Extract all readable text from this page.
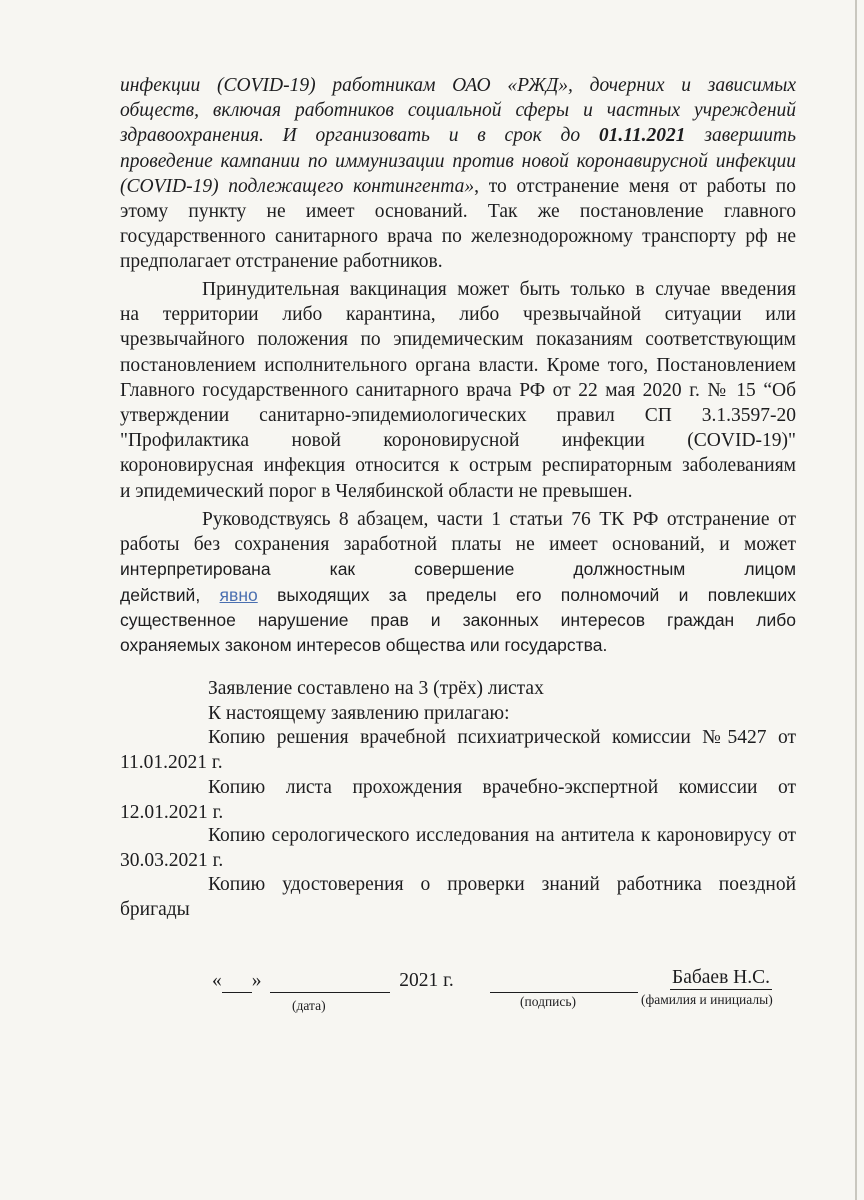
инфекции (COVID-19) работникам ОАО «РЖД», дочерних и зависимых
обществ, включая работников социальной сферы и частных учреждений
здравоохранения. И организовать и в срок до 01.11.2021 завершить
проведение кампании по иммунизации против новой коронавирусной инфекции
(COVID-19) подлежащего контингента», то отстранение меня от работы по
этому пункту не имеет оснований. Так же постановление главного
государственного санитарного врача по железнодорожному транспорту рф не
предполагает отстранение работников.
Принудительная вакцинация может быть только в случае введения
на территории либо карантина, либо чрезвычайной ситуации или
чрезвычайного положения по эпидемическим показаниям соответствующим
постановлением исполнительного органа власти. Кроме того, Постановлением
Главного государственного санитарного врача РФ от 22 мая 2020 г. № 15 “Об
утверждении санитарно-эпидемиологических правил СП 3.1.3597-20
"Профилактика новой короновирусной инфекции (COVID-19)"
короновирусная инфекция относится к острым респираторным заболеваниям
и эпидемический порог в Челябинской области не превышен.
Руководствуясь 8 абзацем, части 1 статьи 76 ТК РФ отстранение от
работы без сохранения заработной платы не имеет оснований, и может
интерпретирована как совершение должностным лицом
действий, явно выходящих за пределы его полномочий и повлекших
существенное нарушение прав и законных интересов граждан либо
охраняемых законом интересов общества или государства.
Заявление составлено на 3 (трёх) листах
К настоящему заявлению прилагаю:
Копию решения врачебной психиатрической комиссии №5427 от
11.01.2021 г.
Копию листа прохождения врачебно-экспертной комиссии от
12.01.2021 г.
Копию серологического исследования на антитела к кароновирусу от
30.03.2021 г.
Копию удостоверения о проверки знаний работника поездной
бригады
« »	2021 г.
	Бабаев Н.С.
(дата)	(подпись)	(фамилия и инициалы)
